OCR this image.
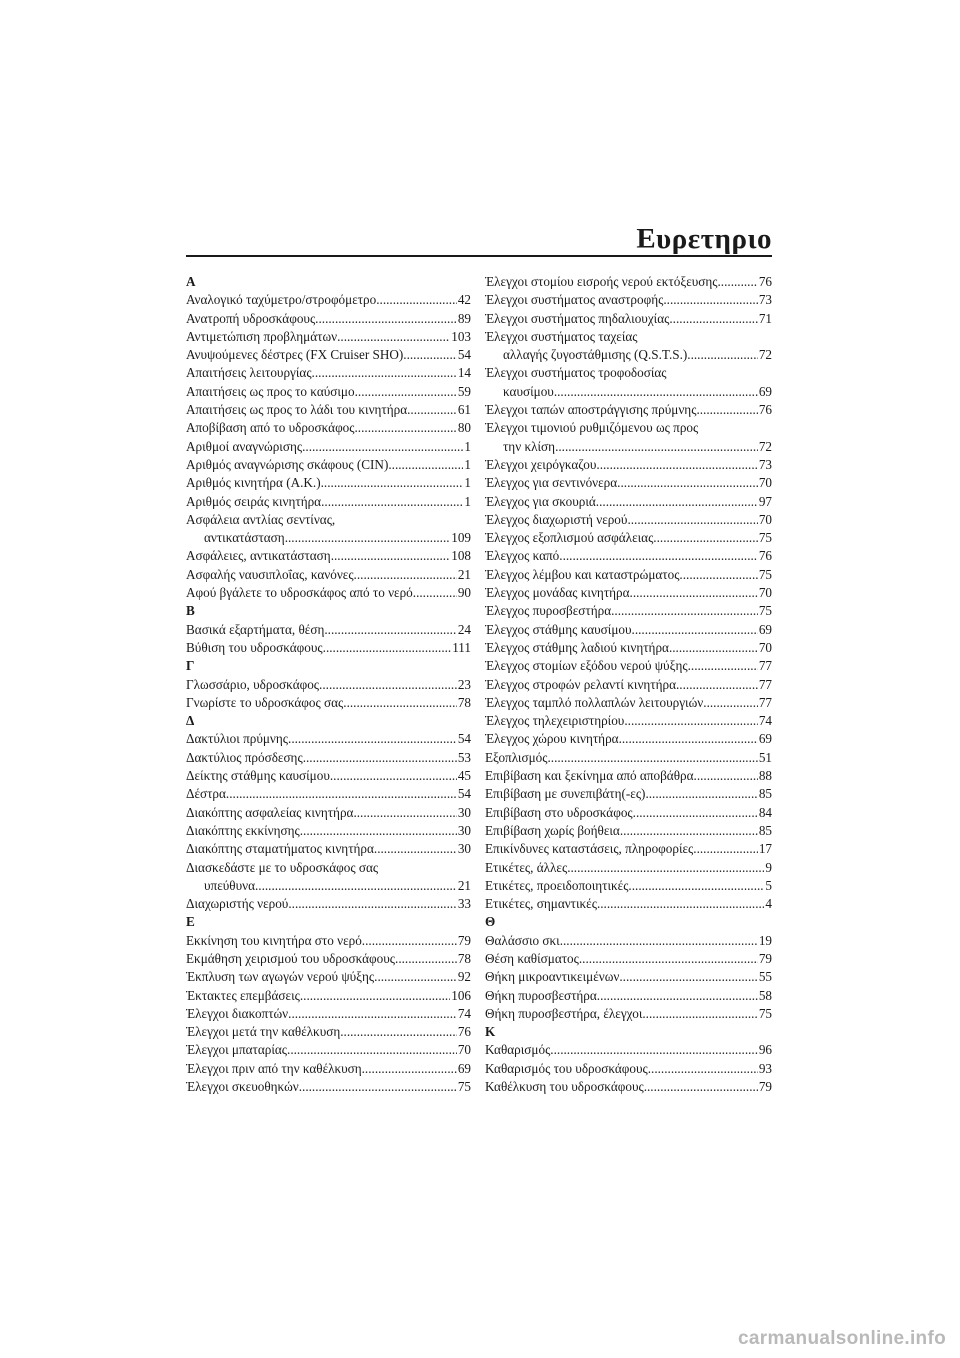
Ευρετηριο
Α
Αναλογικό ταχύμετρο/στροφόμετρο .....	42
Ανατροπή υδροσκάφους .....	89
Αντιμετώπιση προβλημάτων .....	103
Ανυψούμενες δέστρες (FX Cruiser SHO) .....	54
Απαιτήσεις λειτουργίας .....	14
Απαιτήσεις ως προς το καύσιμο .....	59
Απαιτήσεις ως προς το λάδι του κινητήρα .....	61
Αποβίβαση από το υδροσκάφος .....	80
Αριθμοί αναγνώρισης .....	1
Αριθμός αναγνώρισης σκάφους (CIN) .....	1
Αριθμός κινητήρα (Α.Κ.) .....	1
Αριθμός σειράς κινητήρα .....	1
Ασφάλεια αντλίας σεντίνας,
αντικατάσταση .....	109
Ασφάλειες, αντικατάσταση .....	108
Ασφαλής ναυσιπλοΐας, κανόνες .....	21
Αφού βγάλετε το υδροσκάφος από το νερό .....	90
Β
Βασικά εξαρτήματα, θέση .....	24
Βύθιση του υδροσκάφους .....	111
Γ
Γλωσσάριο, υδροσκάφος .....	23
Γνωρίστε το υδροσκάφος σας .....	78
Δ
Δακτύλιοι πρύμνης .....	54
Δακτύλιος πρόσδεσης .....	53
Δείκτης στάθμης καυσίμου .....	45
Δέστρα .....	54
Διακόπτης ασφαλείας κινητήρα .....	30
Διακόπτης εκκίνησης .....	30
Διακόπτης σταματήματος κινητήρα .....	30
Διασκεδάστε με το υδροσκάφος σας
υπεύθυνα .....	21
Διαχωριστής νερού .....	33
Ε
Εκκίνηση του κινητήρα στο νερό .....	79
Εκμάθηση χειρισμού του υδροσκάφους .....	78
Έκπλυση των αγωγών νερού ψύξης .....	92
Έκτακτες επεμβάσεις .....	106
Έλεγχοι διακοπτών .....	74
Έλεγχοι μετά την καθέλκυση .....	76
Έλεγχοι μπαταρίας .....	70
Έλεγχοι πριν από την καθέλκυση .....	69
Έλεγχοι σκευοθηκών .....	75
Έλεγχοι στομίου εισροής νερού εκτόξευσης .....	76
Έλεγχοι συστήματος αναστροφής .....	73
Έλεγχοι συστήματος πηδαλιουχίας .....	71
Έλεγχοι συστήματος ταχείας
αλλαγής ζυγοστάθμισης (Q.S.T.S.) .....	72
Έλεγχοι συστήματος τροφοδοσίας
καυσίμου .....	69
Έλεγχοι ταπών αποστράγγισης πρύμνης .....	76
Έλεγχοι τιμονιού ρυθμιζόμενου ως προς
την κλίση .....	72
Έλεγχοι χειρόγκαζου .....	73
Έλεγχος για σεντινόνερα .....	70
Έλεγχος για σκουριά .....	97
Έλεγχος διαχωριστή νερού .....	70
Έλεγχος εξοπλισμού ασφάλειας .....	75
Έλεγχος καπό .....	76
Έλεγχος λέμβου και καταστρώματος .....	75
Έλεγχος μονάδας κινητήρα .....	70
Έλεγχος πυροσβεστήρα .....	75
Έλεγχος στάθμης καυσίμου .....	69
Έλεγχος στάθμης λαδιού κινητήρα .....	70
Έλεγχος στομίων εξόδου νερού ψύξης .....	77
Έλεγχος στροφών ρελαντί κινητήρα .....	77
Έλεγχος ταμπλό πολλαπλών λειτουργιών .....	77
Έλεγχος τηλεχειριστηρίου .....	74
Έλεγχος χώρου κινητήρα .....	69
Εξοπλισμός .....	51
Επιβίβαση και ξεκίνημα από αποβάθρα .....	88
Επιβίβαση με συνεπιβάτη(-ες) .....	85
Επιβίβαση στο υδροσκάφος .....	84
Επιβίβαση χωρίς βοήθεια .....	85
Επικίνδυνες καταστάσεις, πληροφορίες .....	17
Ετικέτες, άλλες .....	9
Ετικέτες, προειδοποιητικές .....	5
Ετικέτες, σημαντικές .....	4
Θ
Θαλάσσιο σκι .....	19
Θέση καθίσματος .....	79
Θήκη μικροαντικειμένων .....	55
Θήκη πυροσβεστήρα .....	58
Θήκη πυροσβεστήρα, έλεγχοι .....	75
Κ
Καθαρισμός .....	96
Καθαρισμός του υδροσκάφους .....	93
Καθέλκυση του υδροσκάφους .....	79
carmanualsonline.info
